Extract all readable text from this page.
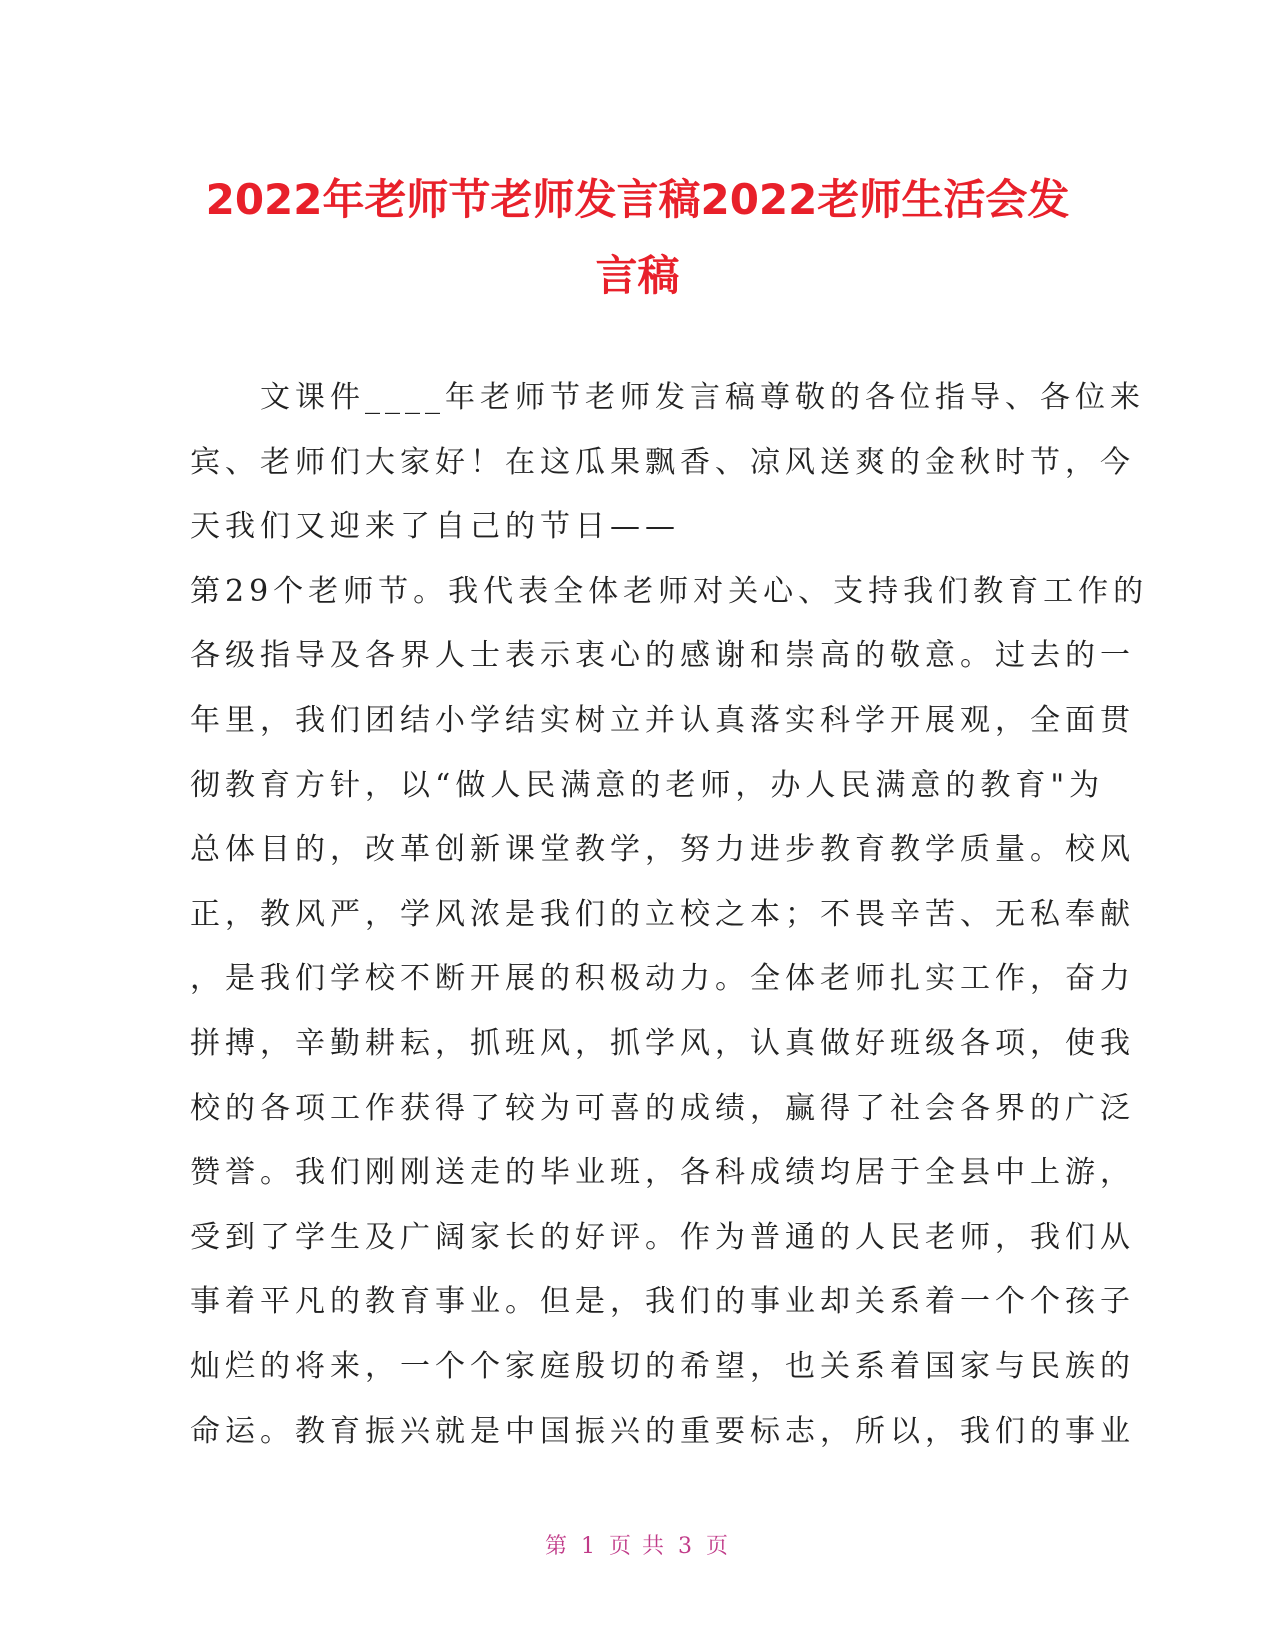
2022年老师节老师发言稿2022老师生活会发
言稿
　　文课件____年老师节老师发言稿尊敬的各位指导、各位来
宾、老师们大家好！在这瓜果飘香、凉风送爽的金秋时节，今
天我们又迎来了自己的节日——
第29个老师节。我代表全体老师对关心、支持我们教育工作的
各级指导及各界人士表示衷心的感谢和崇高的敬意。过去的一
年里，我们团结小学结实树立并认真落实科学开展观，全面贯
彻教育方针，以“做人民满意的老师，办人民满意的教育"为
总体目的，改革创新课堂教学，努力进步教育教学质量。校风
正，教风严，学风浓是我们的立校之本；不畏辛苦、无私奉献
，是我们学校不断开展的积极动力。全体老师扎实工作，奋力
拼搏，辛勤耕耘，抓班风，抓学风，认真做好班级各项，使我
校的各项工作获得了较为可喜的成绩，赢得了社会各界的广泛
赞誉。我们刚刚送走的毕业班，各科成绩均居于全县中上游，
受到了学生及广阔家长的好评。作为普通的人民老师，我们从
事着平凡的教育事业。但是，我们的事业却关系着一个个孩子
灿烂的将来，一个个家庭殷切的希望，也关系着国家与民族的
命运。教育振兴就是中国振兴的重要标志，所以，我们的事业
第 1 页 共 3 页
